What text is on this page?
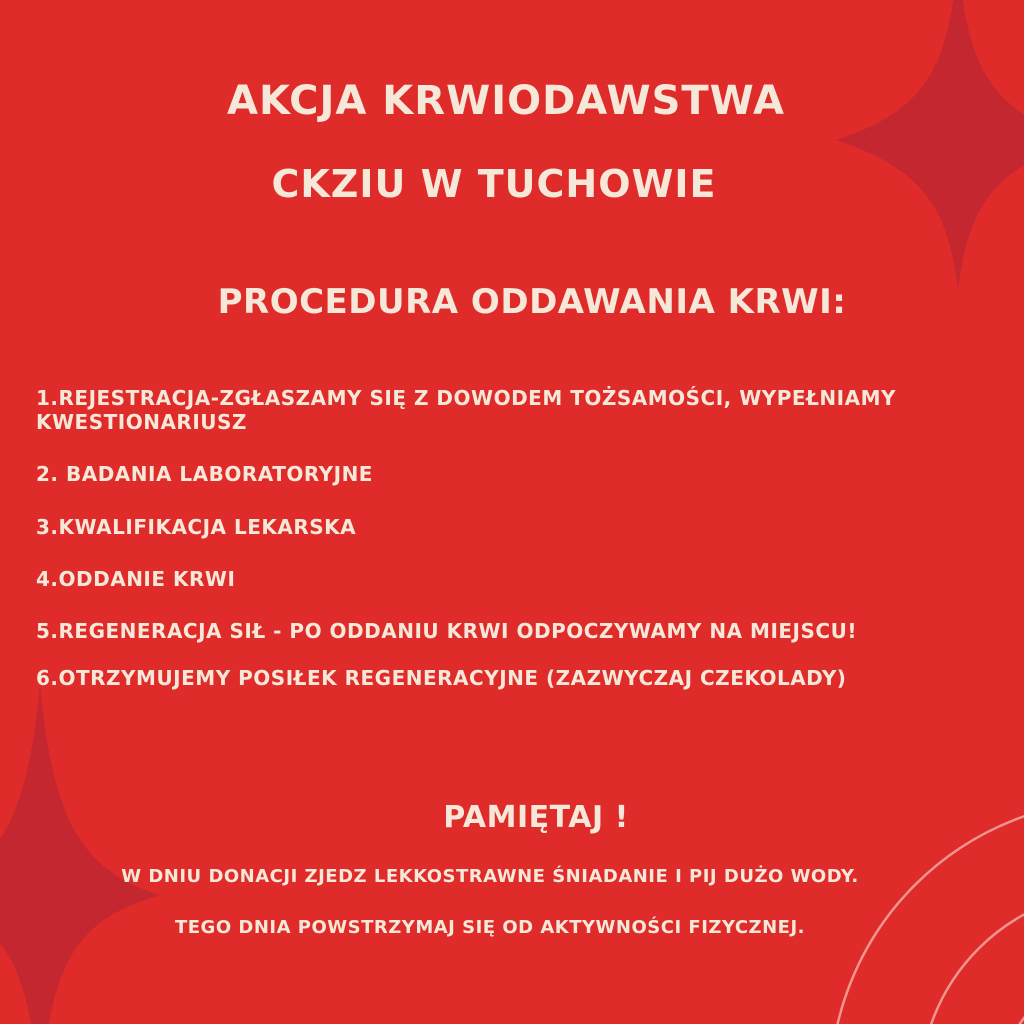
AKCJA KRWIODAWSTWA
CKZIU W TUCHOWIE
PROCEDURA ODDAWANIA KRWI:
1.REJESTRACJA-ZGŁASZAMY SIĘ Z DOWODEM TOŻSAMOŚCI, WYPEŁNIAMY
KWESTIONARIUSZ
2. BADANIA LABORATORYJNE
3.KWALIFIKACJA LEKARSKA
4.ODDANIE KRWI
5.REGENERACJA SIŁ - PO ODDANIU KRWI ODPOCZYWAMY NA MIEJSCU!
6.OTRZYMUJEMY POSIŁEK REGENERACYJNE (ZAZWYCZAJ CZEKOLADY)
PAMIĘTAJ !
W DNIU DONACJI ZJEDZ LEKKOSTRAWNE ŚNIADANIE I PIJ DUŻO WODY.
TEGO DNIA POWSTRZYMAJ SIĘ OD AKTYWNOŚCI FIZYCZNEJ.
